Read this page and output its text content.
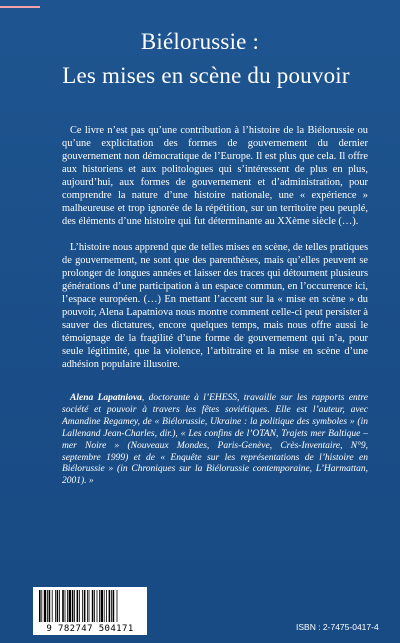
Biélorussie :
Les mises en scène du pouvoir

Ce livre n’est pas qu’une contribution à l’histoire de la Biélorussie ou qu’une explicitation des formes de gouvernement du dernier gouvernement non démocratique de l’Europe. Il est plus que cela. Il offre aux historiens et aux politologues qui s’intéressent de plus en plus, aujourd’hui, aux formes de gouvernement et d’administration, pour comprendre la nature d’une histoire nationale, une « expérience » malheureuse et trop ignorée de la répétition, sur un territoire peu peuplé, des éléments d’une histoire qui fut déterminante au XXème siècle (…).

L’histoire nous apprend que de telles mises en scène, de telles pratiques de gouvernement, ne sont que des parenthèses, mais qu’elles peuvent se prolonger de longues années et laisser des traces qui détournent plusieurs générations d’une participation à un espace commun, en l’occurrence ici, l’espace européen. (…) En mettant l’accent sur la « mise en scène » du pouvoir, Alena Lapatniova nous montre comment celle-ci peut persister à sauver des dictatures, encore quelques temps, mais nous offre aussi le témoignage de la fragilité d’une forme de gouvernement qui n’a, pour seule légitimité, que la violence, l’arbitraire et la mise en scène d’une adhésion populaire illusoire.

Alena Lapatniova, doctorante à l’EHESS, travaille sur les rapports entre société et pouvoir à travers les fêtes soviétiques. Elle est l’auteur, avec Amandine Regamey, de « Biélorussie, Ukraine : la politique des symboles » (in Lallenand Jean-Charles, dir.), « Les confins de l’OTAN, Trajets mer Baltique – mer Noire » (Nouveaux Mondes, Paris-Genève, Crès-Inventaire, N°9, septembre 1999) et de « Enquête sur les représentations de l’histoire en Biélorussie » (in Chroniques sur la Biélorussie contemporaine, L’Harmattan, 2001). »

9 782747 504171	ISBN : 2-7475-0417-4
